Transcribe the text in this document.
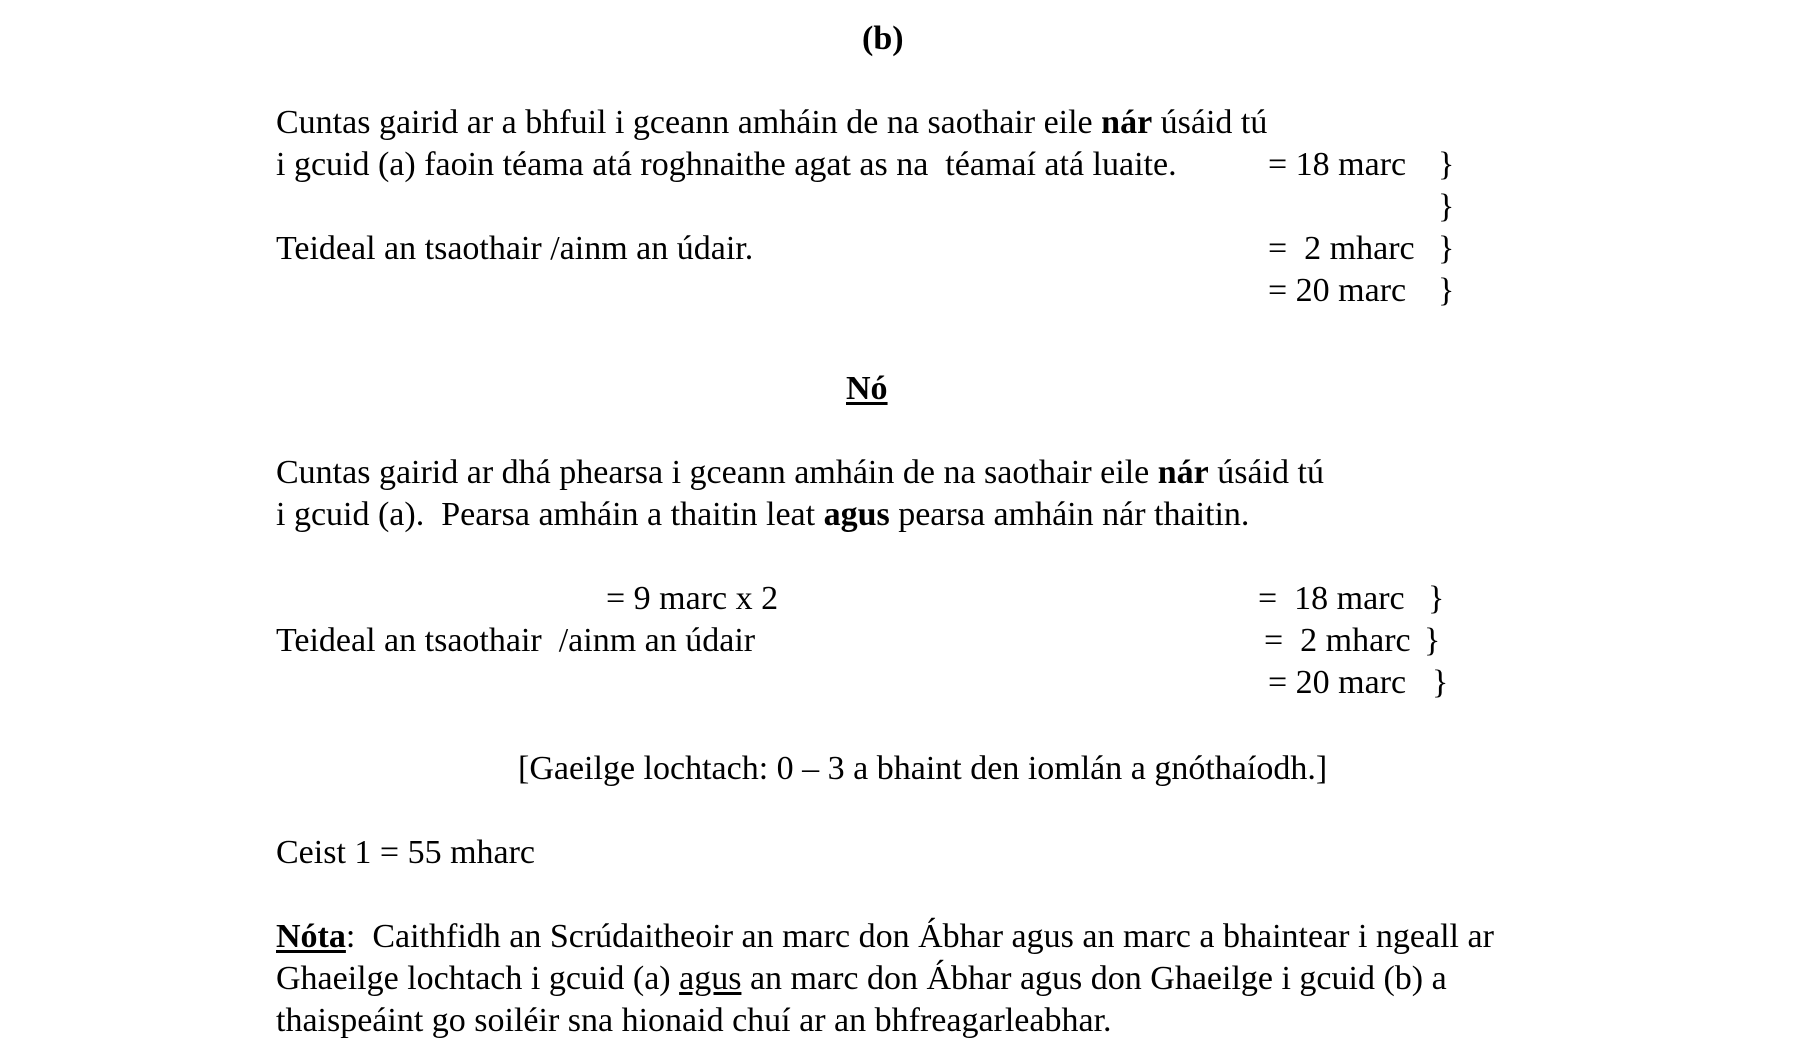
(b)
Cuntas gairid ar a bhfuil i gceann amháin de na saothair eile nár úsáid tú
i gcuid (a) faoin téama atá roghnaithe agat as na  téamaí atá luaite.	= 18 marc }
}
Teideal an tsaothair /ainm an údair.	=  2 mharc }
= 20 marc }
Nó
Cuntas gairid ar dhá phearsa i gceann amháin de na saothair eile nár úsáid tú
i gcuid (a).  Pearsa amháin a thaitin leat agus pearsa amháin nár thaitin.
= 9 marc x 2	=  18 marc }
Teideal an tsaothair  /ainm an údair	=  2 mharc }
= 20 marc }
[Gaeilge lochtach: 0 – 3 a bhaint den iomlán a gnóthaíodh.]
Ceist 1 = 55 mharc
Nóta:  Caithfidh an Scrúdaitheoir an marc don Ábhar agus an marc a bhaintear i ngeall ar
Ghaeilge lochtach i gcuid (a) agus an marc don Ábhar agus don Ghaeilge i gcuid (b) a
thaispeáint go soiléir sna hionaid chuí ar an bhfreagarleabhar.
